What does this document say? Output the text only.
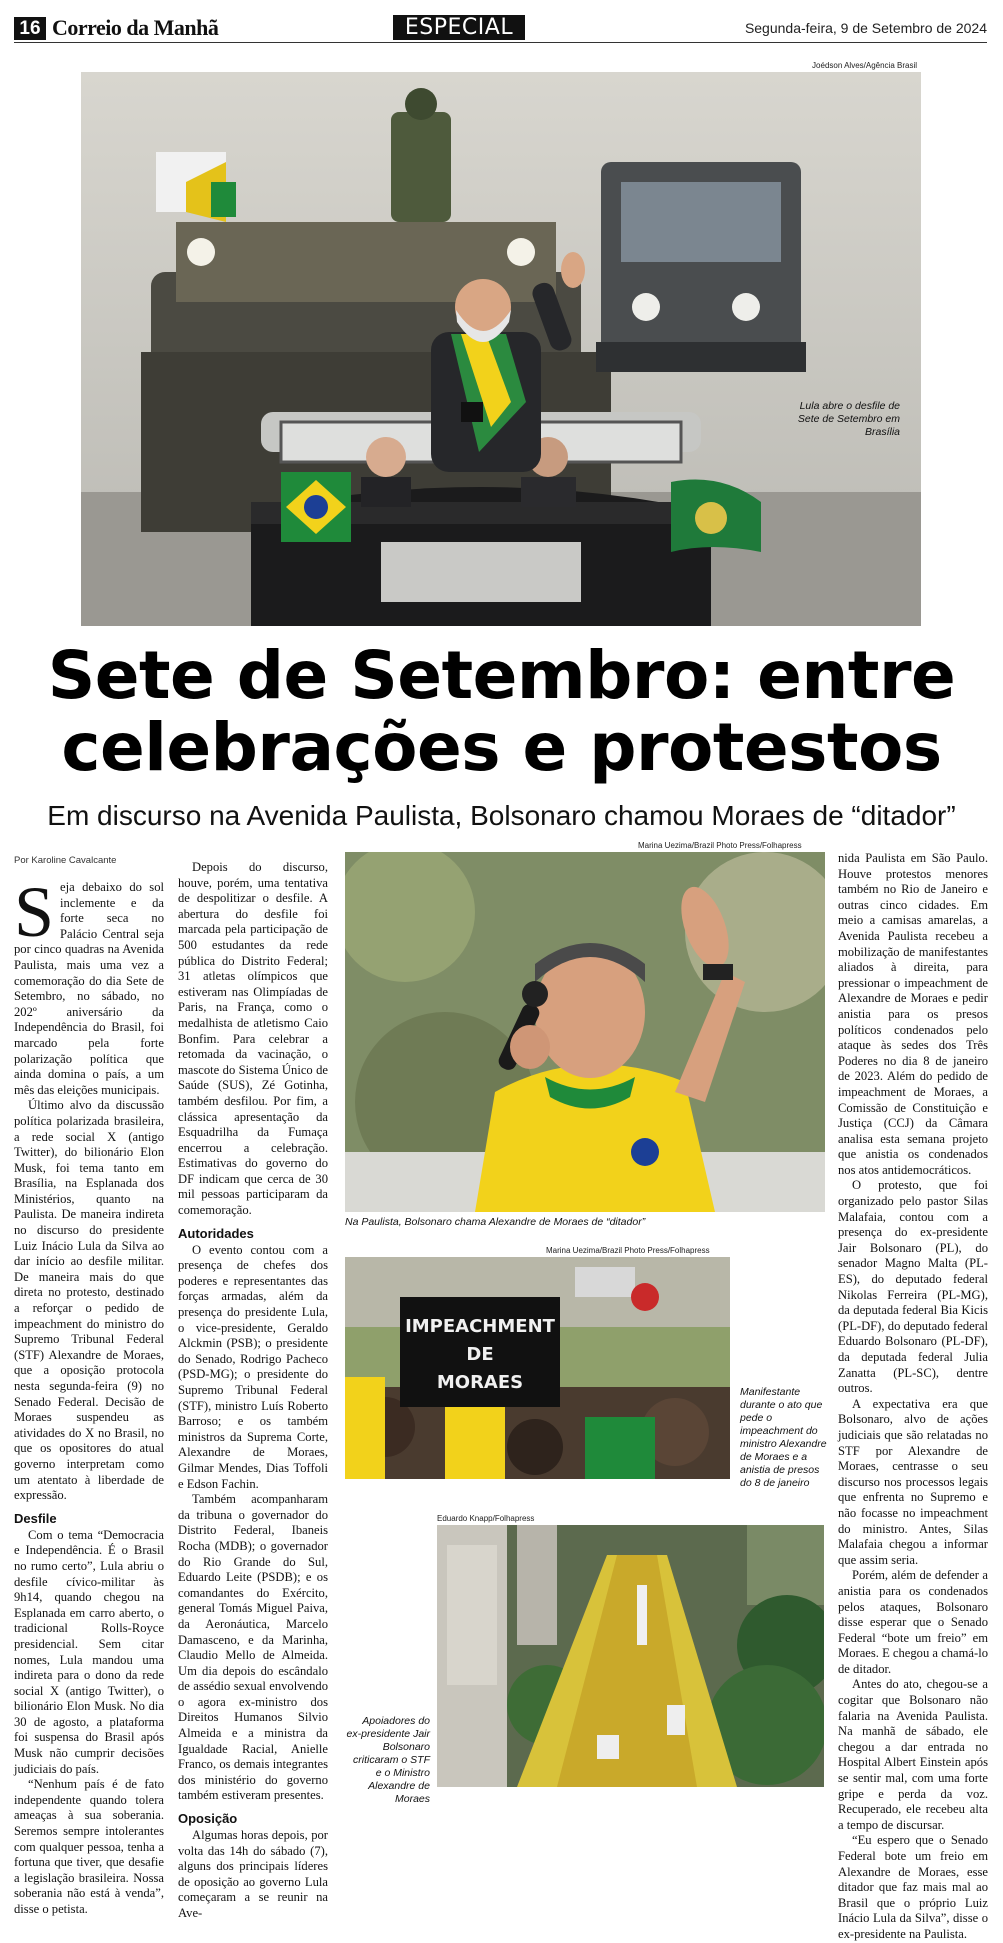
16 Correio da Manhã	ESPECIAL	Segunda-feira, 9 de Setembro de 2024
Joédson Alves/Agência Brasil
Lula abre o desfile de Sete de Setembro em Brasília
Sete de Setembro: entre celebrações e protestos
Em discurso na Avenida Paulista, Bolsonaro chamou Moraes de “ditador”
Por Karoline Cavalcante
S eja debaixo do sol inclemente e da forte seca no Palácio Central seja por cinco quadras na Avenida Paulista, mais uma vez a comemoração do dia Sete de Setembro, no sábado, no 202º aniversário da Independência do Brasil, foi marcado pela forte polarização política que ainda domina o país, a um mês das eleições municipais.

Último alvo da discussão política polarizada brasileira, a rede social X (antigo Twitter), do bilionário Elon Musk, foi tema tanto em Brasília, na Esplanada dos Ministérios, quanto na Paulista. De maneira indireta no discurso do presidente Luiz Inácio Lula da Silva ao dar início ao desfile militar. De maneira mais do que direta no protesto, destinado a reforçar o pedido de impeachment do ministro do Supremo Tribunal Federal (STF) Alexandre de Moraes, que a oposição protocola nesta segunda-feira (9) no Senado Federal. Decisão de Moraes suspendeu as atividades do X no Brasil, no que os opositores do atual governo interpretam como um atentato à liberdade de expressão.

Desfile

Com o tema “Democracia e Independência. É o Brasil no rumo certo”, Lula abriu o desfile cívico-militar às 9h14, quando chegou na Esplanada em carro aberto, o tradicional Rolls-Royce presidencial. Sem citar nomes, Lula mandou uma indireta para o dono da rede social X (antigo Twitter), o bilionário Elon Musk. No dia 30 de agosto, a plataforma foi suspensa do Brasil após Musk não cumprir decisões judiciais do país.

“Nenhum país é de fato independente quando tolera ameaças à sua soberania. Seremos sempre intolerantes com qualquer pessoa, tenha a fortuna que tiver, que desafie a legislação brasileira. Nossa soberania não está à venda”, disse o petista.

Depois do discurso, houve, porém, uma tentativa de despolitizar o desfile. A abertura do desfile foi marcada pela participação de 500 estudantes da rede pública do Distrito Federal; 31 atletas olímpicos que estiveram nas Olimpíadas de Paris, na França, como o medalhista de atletismo Caio Bonfim. Para celebrar a retomada da vacinação, o mascote do Sistema Único de Saúde (SUS), Zé Gotinha, também desfilou. Por fim, a clássica apresentação da Esquadrilha da Fumaça encerrou a celebração. Estimativas do governo do DF indicam que cerca de 30 mil pessoas participaram da comemoração.

Autoridades

O evento contou com a presença de chefes dos poderes e representantes das forças armadas, além da presença do presidente Lula, o vice-presidente, Geraldo Alckmin (PSB); o presidente do Senado, Rodrigo Pacheco (PSD-MG); o presidente do Supremo Tribunal Federal (STF), ministro Luís Roberto Barroso; e os também ministros da Suprema Corte, Alexandre de Moraes, Gilmar Mendes, Dias Toffoli e Edson Fachin.

Também acompanharam da tribuna o governador do Distrito Federal, Ibaneis Rocha (MDB); o governador do Rio Grande do Sul, Eduardo Leite (PSDB); e os comandantes do Exército, general Tomás Miguel Paiva, da Aeronáutica, Marcelo Damasceno, e da Marinha, Claudio Mello de Almeida. Um dia depois do escândalo de assédio sexual envolvendo o agora ex-ministro dos Direitos Humanos Silvio Almeida e a ministra da Igualdade Racial, Anielle Franco, os demais integrantes dos ministério do governo também estiveram presentes.

Oposição

Algumas horas depois, por volta das 14h do sábado (7), alguns dos principais líderes de oposição ao governo Lula começaram a se reunir na Ave-

Marina Uezima/Brazil Photo Press/Folhapress
Na Paulista, Bolsonaro chama Alexandre de Moraes de “ditador”
Marina Uezima/Brazil Photo Press/Folhapress
IMPEACHMENT
DE
MORAES	Manifestante durante o ato que pede o impeachment do ministro Alexandre de Moraes e a anistia de presos do 8 de janeiro
Eduardo Knapp/Folhapress
Apoiadores do ex-presidente Jair Bolsonaro criticaram o STF e o Ministro Alexandre de Moraes

nida Paulista em São Paulo. Houve protestos menores também no Rio de Janeiro e outras cinco cidades. Em meio a camisas amarelas, a Avenida Paulista recebeu a mobilização de manifestantes aliados à direita, para pressionar o impeachment de Alexandre de Moraes e pedir anistia para os presos políticos condenados pelo ataque às sedes dos Três Poderes no dia 8 de janeiro de 2023. Além do pedido de impeachment de Moraes, a Comissão de Constituição e Justiça (CCJ) da Câmara analisa esta semana projeto que anistia os condenados nos atos antidemocráticos.

O protesto, que foi organizado pelo pastor Silas Malafaia, contou com a presença do ex-presidente Jair Bolsonaro (PL), do senador Magno Malta (PL-ES), do deputado federal Nikolas Ferreira (PL-MG), da deputada federal Bia Kicis (PL-DF), do deputado federal Eduardo Bolsonaro (PL-DF), da deputada federal Julia Zanatta (PL-SC), dentre outros.

A expectativa era que Bolsonaro, alvo de ações judiciais que são relatadas no STF por Alexandre de Moraes, centrasse o seu discurso nos processos legais que enfrenta no Supremo e não focasse no impeachment do ministro. Antes, Silas Malafaia chegou a informar que assim seria.

Porém, além de defender a anistia para os condenados pelos ataques, Bolsonaro disse esperar que o Senado Federal “bote um freio” em Moraes. E chegou a chamá-lo de ditador.

Antes do ato, chegou-se a cogitar que Bolsonaro não falaria na Avenida Paulista. Na manhã de sábado, ele chegou a dar entrada no Hospital Albert Einstein após se sentir mal, com uma forte gripe e perda da voz. Recuperado, ele recebeu alta a tempo de discursar.

“Eu espero que o Senado Federal bote um freio em Alexandre de Moraes, esse ditador que faz mais mal ao Brasil que o próprio Luiz Inácio Lula da Silva”, disse o ex-presidente na Paulista.
